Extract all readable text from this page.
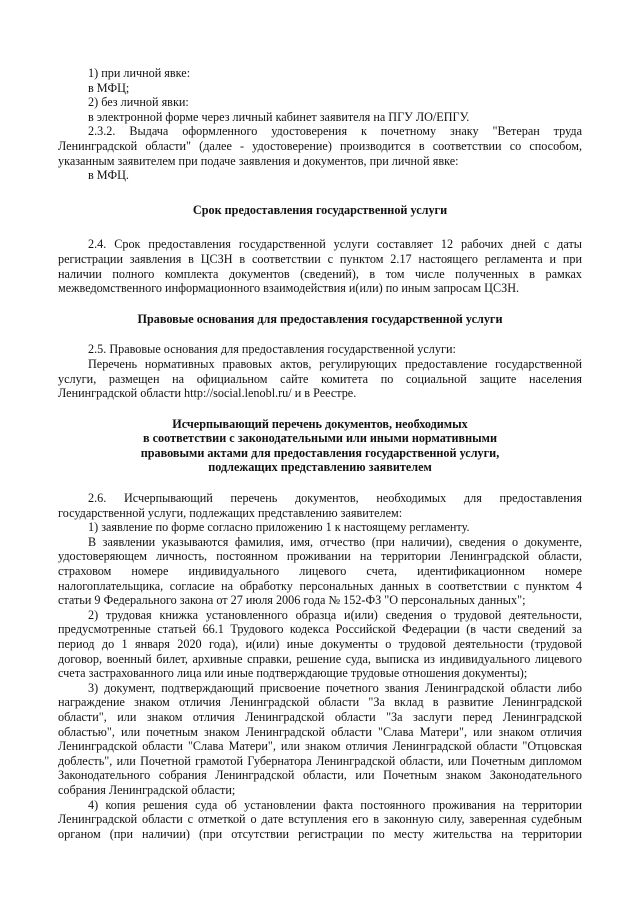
1) при личной явке:
в МФЦ;
2) без личной явки:
в электронной форме через личный кабинет заявителя на ПГУ ЛО/ЕПГУ.
2.3.2. Выдача оформленного удостоверения к почетному знаку "Ветеран труда
Ленинградской области" (далее - удостоверение) производится в соответствии со способом,
указанным заявителем при подаче заявления и документов, при личной явке:
в МФЦ.
Срок предоставления государственной услуги
2.4. Срок предоставления государственной услуги составляет 12 рабочих дней с даты
регистрации заявления в ЦСЗН в соответствии с пунктом 2.17 настоящего регламента и при
наличии полного комплекта документов (сведений), в том числе полученных в рамках
межведомственного информационного взаимодействия и(или) по иным запросам ЦСЗН.
Правовые основания для предоставления государственной услуги
2.5. Правовые основания для предоставления государственной услуги:
Перечень нормативных правовых актов, регулирующих предоставление государственной
услуги, размещен на официальном сайте комитета по социальной защите населения
Ленинградской области http://social.lenobl.ru/ и в Реестре.
Исчерпывающий перечень документов, необходимых
в соответствии с законодательными или иными нормативными
правовыми актами для предоставления государственной услуги,
подлежащих представлению заявителем
2.6. Исчерпывающий перечень документов, необходимых для предоставления
государственной услуги, подлежащих представлению заявителем:
1) заявление по форме согласно приложению 1 к настоящему регламенту.
В заявлении указываются фамилия, имя, отчество (при наличии), сведения о документе,
удостоверяющем личность, постоянном проживании на территории Ленинградской области,
страховом номере индивидуального лицевого счета, идентификационном номере
налогоплательщика, согласие на обработку персональных данных в соответствии с пунктом 4
статьи 9 Федерального закона от 27 июля 2006 года № 152-ФЗ "О персональных данных";
2) трудовая книжка установленного образца и(или) сведения о трудовой деятельности,
предусмотренные статьей 66.1 Трудового кодекса Российской Федерации (в части сведений за
период до 1 января 2020 года), и(или) иные документы о трудовой деятельности (трудовой
договор, военный билет, архивные справки, решение суда, выписка из индивидуального лицевого
счета застрахованного лица или иные подтверждающие трудовые отношения документы);
3) документ, подтверждающий присвоение почетного звания Ленинградской области либо
награждение знаком отличия Ленинградской области "За вклад в развитие Ленинградской
области", или знаком отличия Ленинградской области "За заслуги перед Ленинградской
областью", или почетным знаком Ленинградской области "Слава Матери", или знаком отличия
Ленинградской области "Слава Матери", или знаком отличия Ленинградской области "Отцовская
доблесть", или Почетной грамотой Губернатора Ленинградской области, или Почетным дипломом
Законодательного собрания Ленинградской области, или Почетным знаком Законодательного
собрания Ленинградской области;
4) копия решения суда об установлении факта постоянного проживания на территории
Ленинградской области с отметкой о дате вступления его в законную силу, заверенная судебным
органом (при наличии) (при отсутствии регистрации по месту жительства на территории
